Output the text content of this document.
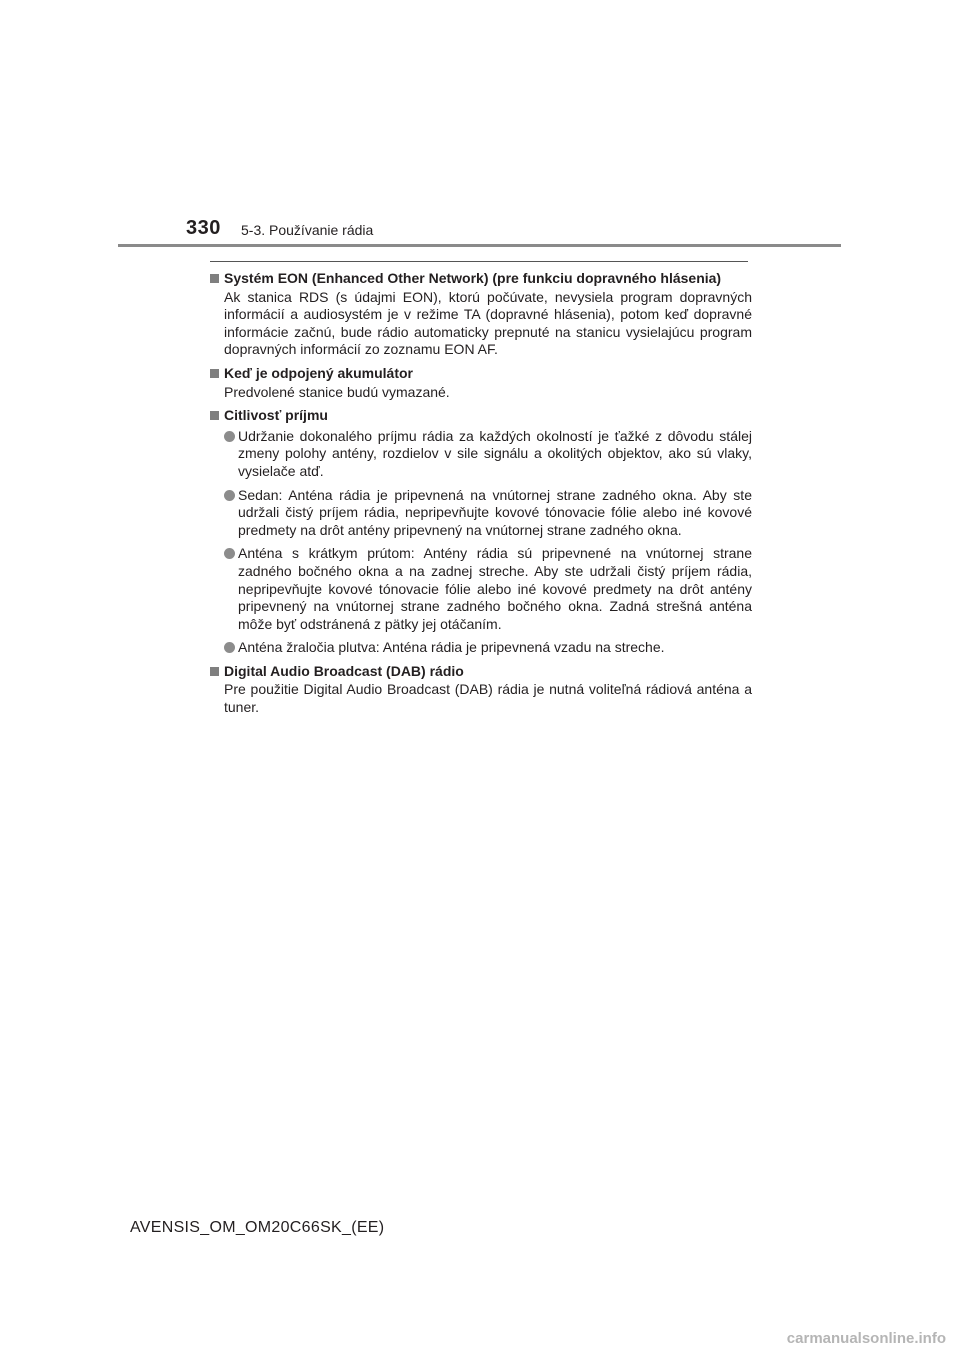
330 5-3. Používanie rádia
Systém EON (Enhanced Other Network) (pre funkciu dopravného hlásenia)
Ak stanica RDS (s údajmi EON), ktorú počúvate, nevysiela program dopravných informácií a audiosystém je v režime TA (dopravné hlásenia), potom keď dopravné informácie začnú, bude rádio automaticky prepnuté na stanicu vysielajúcu program dopravných informácií zo zoznamu EON AF.
Keď je odpojený akumulátor
Predvolené stanice budú vymazané.
Citlivosť príjmu
Udržanie dokonalého príjmu rádia za každých okolností je ťažké z dôvodu stálej zmeny polohy antény, rozdielov v sile signálu a okolitých objektov, ako sú vlaky, vysielače atď.
Sedan: Anténa rádia je pripevnená na vnútornej strane zadného okna. Aby ste udržali čistý príjem rádia, nepripevňujte kovové tónovacie fólie alebo iné kovové predmety na drôt antény pripevnený na vnútornej strane zadného okna.
Anténa s krátkym prútom: Antény rádia sú pripevnené na vnútornej strane zadného bočného okna a na zadnej streche. Aby ste udržali čistý príjem rádia, nepripevňujte kovové tónovacie fólie alebo iné kovové predmety na drôt antény pripevnený na vnútornej strane zadného bočného okna. Zadná strešná anténa môže byť odstránená z pätky jej otáčaním.
Anténa žraločia plutva: Anténa rádia je pripevnená vzadu na streche.
Digital Audio Broadcast (DAB) rádio
Pre použitie Digital Audio Broadcast (DAB) rádia je nutná voliteľná rádiová anténa a tuner.
AVENSIS_OM_OM20C66SK_(EE)
carmanualsonline.info
